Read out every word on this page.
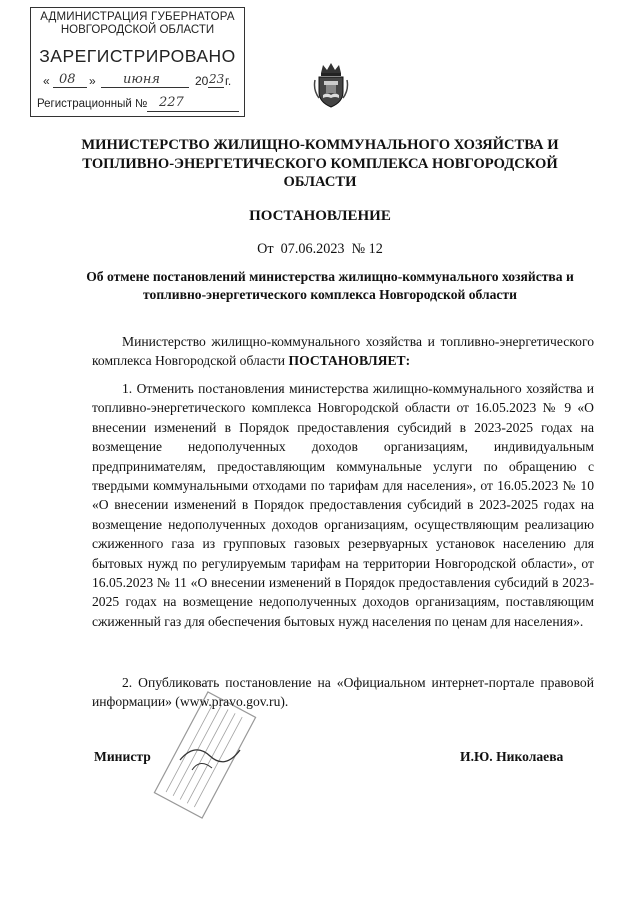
АДМИНИСТРАЦИЯ ГУБЕРНАТОРА
НОВГОРОДСКОЙ ОБЛАСТИ
ЗАРЕГИСТРИРОВАНО
« 08 » июня	20 23 г.
Регистрационный № 227
МИНИСТЕРСТВО ЖИЛИЩНО-КОММУНАЛЬНОГО ХОЗЯЙСТВА И ТОПЛИВНО-ЭНЕРГЕТИЧЕСКОГО КОМПЛЕКСА НОВГОРОДСКОЙ ОБЛАСТИ
ПОСТАНОВЛЕНИЕ
От 07.06.2023 № 12
Об отмене постановлений министерства жилищно-коммунального хозяйства и топливно-энергетического комплекса Новгородской области
Министерство жилищно-коммунального хозяйства и топливно-энергетического комплекса Новгородской области ПОСТАНОВЛЯЕТ:
1. Отменить постановления министерства жилищно-коммунального хозяйства и топливно-энергетического комплекса Новгородской области от 16.05.2023 № 9 «О внесении изменений в Порядок предоставления субсидий в 2023-2025 годах на возмещение недополученных доходов организациям, индивидуальным предпринимателям, предоставляющим коммунальные услуги по обращению с твердыми коммунальными отходами по тарифам для населения», от 16.05.2023 № 10 «О внесении изменений в Порядок предоставления субсидий в 2023-2025 годах на возмещение недополученных доходов организациям, осуществляющим реализацию сжиженного газа из групповых газовых резервуарных установок населению для бытовых нужд по регулируемым тарифам на территории Новгородской области», от 16.05.2023 № 11 «О внесении изменений в Порядок предоставления субсидий в 2023-2025 годах на возмещение недополученных доходов организациям, поставляющим сжиженный газ для обеспечения бытовых нужд населения по ценам для населения».
2. Опубликовать постановление на «Официальном интернет-портале правовой информации» (www.pravo.gov.ru).
Министр	И.Ю. Николаева
